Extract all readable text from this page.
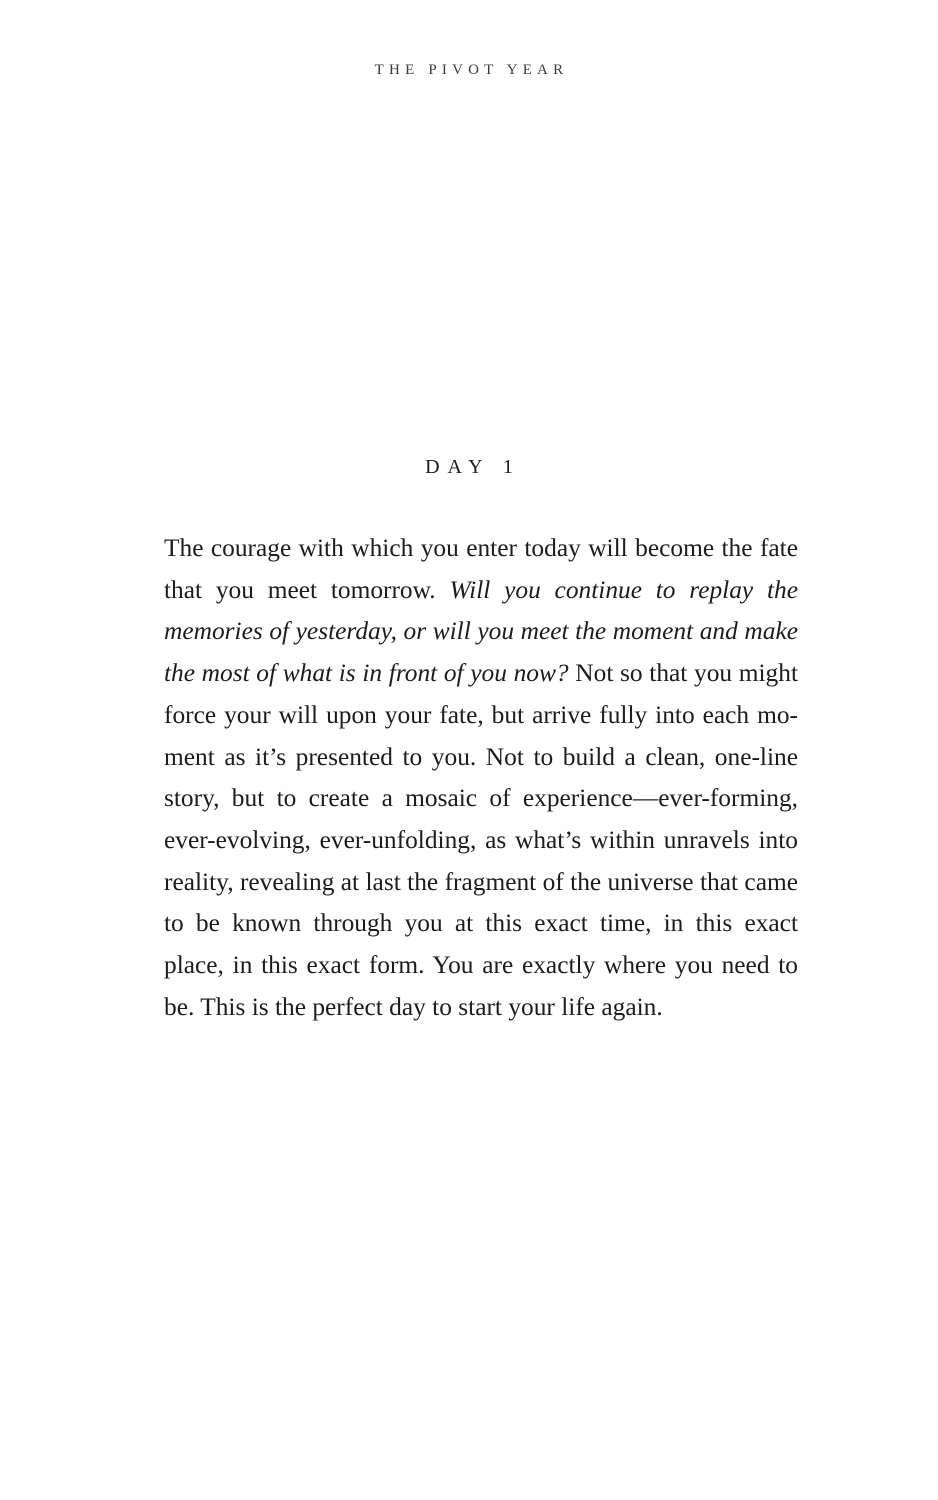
THE PIVOT YEAR
DAY 1

The courage with which you enter today will become the fate that you meet tomorrow. Will you continue to replay the memories of yesterday, or will you meet the moment and make the most of what is in front of you now? Not so that you might force your will upon your fate, but arrive fully into each moment as it’s presented to you. Not to build a clean, one-line story, but to create a mosaic of experience—ever-forming, ever-evolving, ever-unfolding, as what’s within unravels into reality, revealing at last the fragment of the universe that came to be known through you at this exact time, in this exact place, in this exact form. You are exactly where you need to be. This is the perfect day to start your life again.
